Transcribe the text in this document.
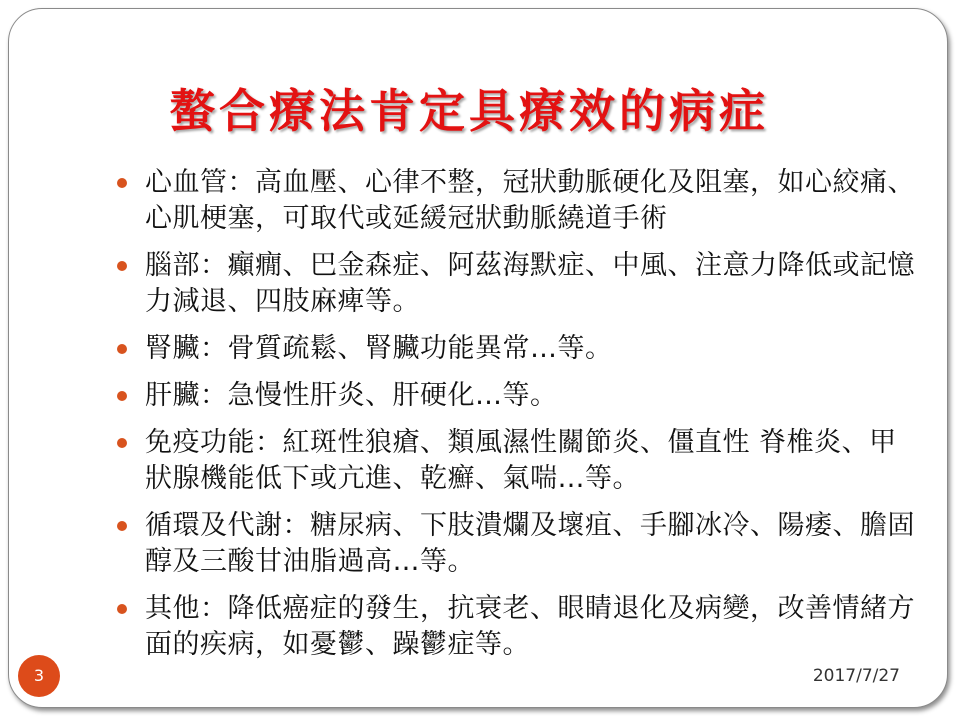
螯合療法肯定具療效的病症
心血管：高血壓、心律不整，冠狀動脈硬化及阻塞，如心絞痛、 心肌梗塞，可取代或延緩冠狀動脈繞道手術
腦部：癲癇、巴金森症、阿茲海默症、中風、注意力降低或記憶力減退、四肢麻痺等。
腎臟：骨質疏鬆、腎臟功能異常…等。
肝臟：急慢性肝炎、肝硬化…等。
免疫功能：紅斑性狼瘡、類風濕性關節炎、僵直性 脊椎炎、甲狀腺機能低下或亢進、乾癬、氣喘…等。
循環及代謝：糖尿病、下肢潰爛及壞疽、手腳冰冷、陽痿、膽固醇及三酸甘油脂過高…等。
其他：降低癌症的發生，抗衰老、眼睛退化及病變，改善情緒方面的疾病，如憂鬱、躁鬱症等。
3	2017/7/27
